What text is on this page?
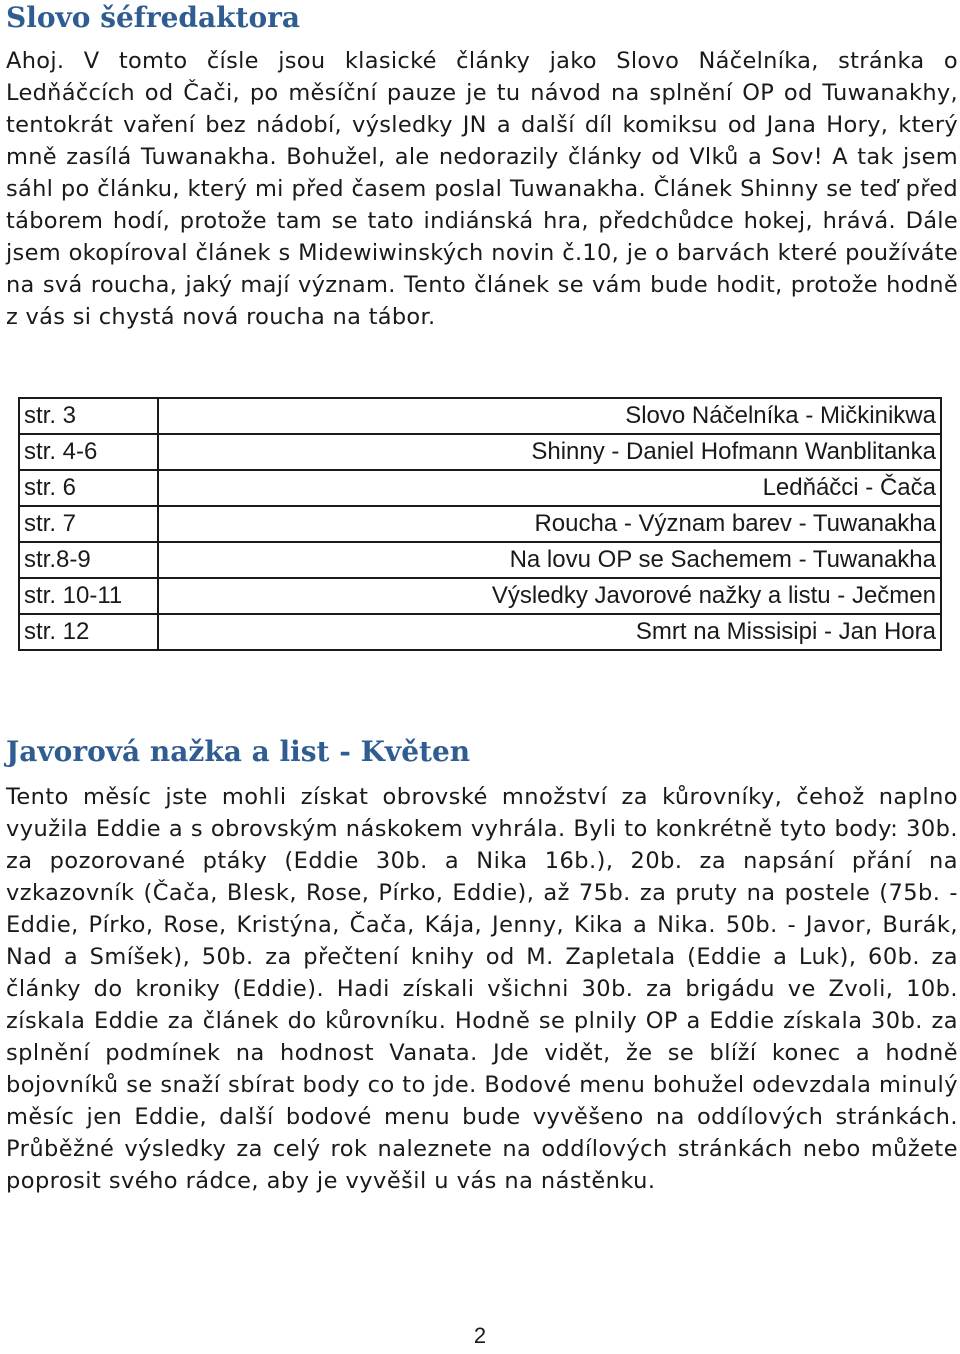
Slovo šéfredaktora

Ahoj. V tomto čísle jsou klasické články jako Slovo Náčelníka, stránka o Ledňáčcích od Čači, po měsíční pauze je tu návod na splnění OP od Tuwanakhy, tentokrát vaření bez nádobí, výsledky JN a další díl komiksu od Jana Hory, který mně zasílá Tuwanakha. Bohužel, ale nedorazily články od Vlků a Sov! A tak jsem sáhl po článku, který mi před časem poslal Tuwanakha. Článek Shinny se teď před táborem hodí, protože tam se tato indiánská hra, předchůdce hokej, hrává. Dále jsem okopíroval článek s Midewiwinských novin č.10, je o barvách které používáte na svá roucha, jaký mají význam. Tento článek se vám bude hodit, protože hodně z vás si chystá nová roucha na tábor.

str. 3	Slovo Náčelníka - Mičkinikwa
str. 4-6	Shinny - Daniel Hofmann Wanblitanka
str. 6	Ledňáčci - Čača
str. 7	Roucha - Význam barev - Tuwanakha
str.8-9	Na lovu OP se Sachemem - Tuwanakha
str. 10-11	Výsledky Javorové nažky a listu - Ječmen
str. 12	Smrt na Missisipi - Jan Hora
Javorová nažka a list - Květen

Tento měsíc jste mohli získat obrovské množství za kůrovníky, čehož naplno využila Eddie a s obrovským náskokem vyhrála. Byli to konkrétně tyto body: 30b. za pozorované ptáky (Eddie 30b. a Nika 16b.), 20b. za napsání přání na vzkazovník (Čača, Blesk, Rose, Pírko, Eddie), až 75b. za pruty na postele (75b. - Eddie, Pírko, Rose, Kristýna, Čača, Kája, Jenny, Kika a Nika. 50b. - Javor, Burák, Nad a Smíšek), 50b. za přečtení knihy od M. Zapletala (Eddie a Luk), 60b. za články do kroniky (Eddie). Hadi získali všichni 30b. za brigádu ve Zvoli, 10b. získala Eddie za článek do kůrovníku. Hodně se plnily OP a Eddie získala 30b. za splnění podmínek na hodnost Vanata. Jde vidět, že se blíží konec a hodně bojovníků se snaží sbírat body co to jde. Bodové menu bohužel odevzdala minulý měsíc jen Eddie, další bodové menu bude vyvěšeno na oddílových stránkách. Průběžné výsledky za celý rok naleznete na oddílových stránkách nebo můžete poprosit svého rádce, aby je vyvěšil u vás na nástěnku.

2
